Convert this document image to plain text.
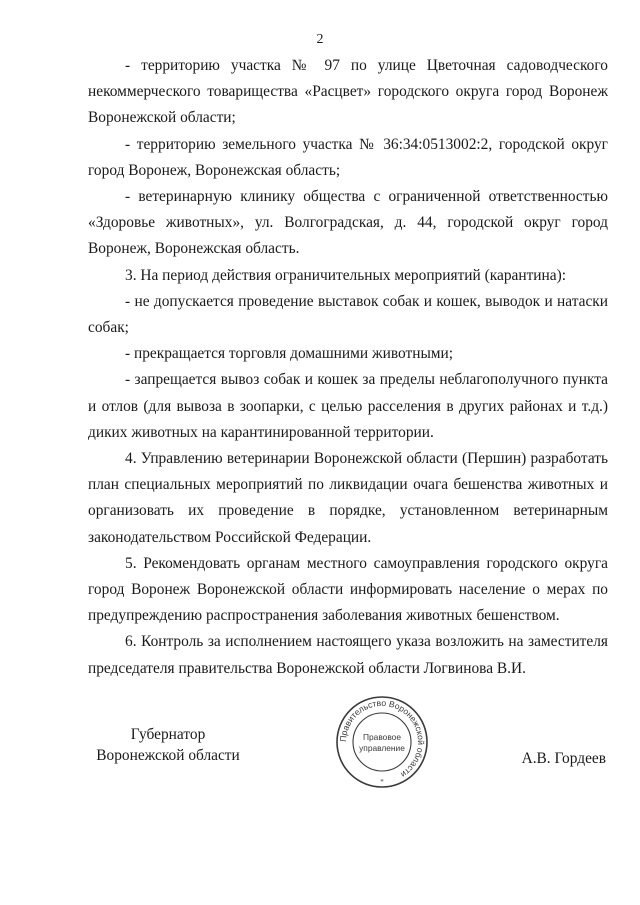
2

- территорию участка № 97 по улице Цветочная садоводческого некоммерческого товарищества «Расцвет» городского округа город Воронеж Воронежской области;

- территорию земельного участка № 36:34:0513002:2, городской округ город Воронеж, Воронежская область;

- ветеринарную клинику общества с ограниченной ответственностью «Здоровье животных», ул. Волгоградская, д. 44, городской округ город Воронеж, Воронежская область.

3. На период действия ограничительных мероприятий (карантина):

- не допускается проведение выставок собак и кошек, выводок и натаски собак;

- прекращается торговля домашними животными;

- запрещается вывоз собак и кошек за пределы неблагополучного пункта и отлов (для вывоза в зоопарки, с целью расселения в других районах и т.д.) диких животных на карантинированной территории.

4. Управлению ветеринарии Воронежской области (Першин) разработать план специальных мероприятий по ликвидации очага бешенства животных и организовать их проведение в порядке, установленном ветеринарным законодательством Российской Федерации.

5. Рекомендовать органам местного самоуправления городского округа город Воронеж Воронежской области информировать население о мерах по предупреждению распространения заболевания животных бешенством.

6. Контроль за исполнением настоящего указа возложить на заместителя председателя правительства Воронежской области Логвинова В.И.

Губернатор
Воронежской области	А.В. Гордеев
Правительство Воронежской области
Правовое
управление
*
